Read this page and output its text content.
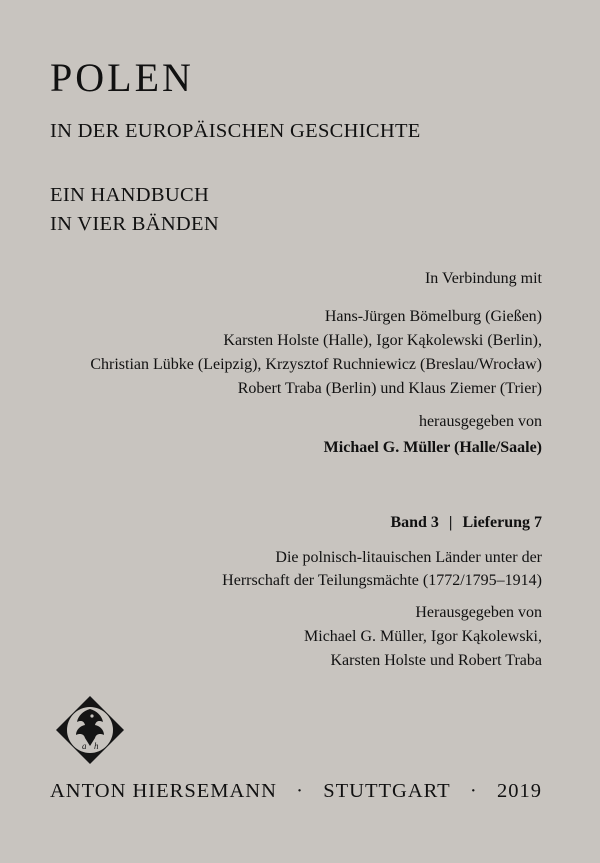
POLEN
IN DER EUROPÄISCHEN GESCHICHTE
EIN HANDBUCH
IN VIER BÄNDEN
In Verbindung mit
Hans-Jürgen Bömelburg (Gießen)
Karsten Holste (Halle), Igor Kąkolewski (Berlin),
Christian Lübke (Leipzig), Krzysztof Ruchniewicz (Breslau/Wrocław)
Robert Traba (Berlin) und Klaus Ziemer (Trier)
herausgegeben von
Michael G. Müller (Halle/Saale)
Band 3 | Lieferung 7
Die polnisch-litauischen Länder unter der
Herrschaft der Teilungsmächte (1772/1795–1914)
Herausgegeben von
Michael G. Müller, Igor Kąkolewski,
Karsten Holste und Robert Traba
a h
ANTON HIERSEMANN · STUTTGART · 2019
